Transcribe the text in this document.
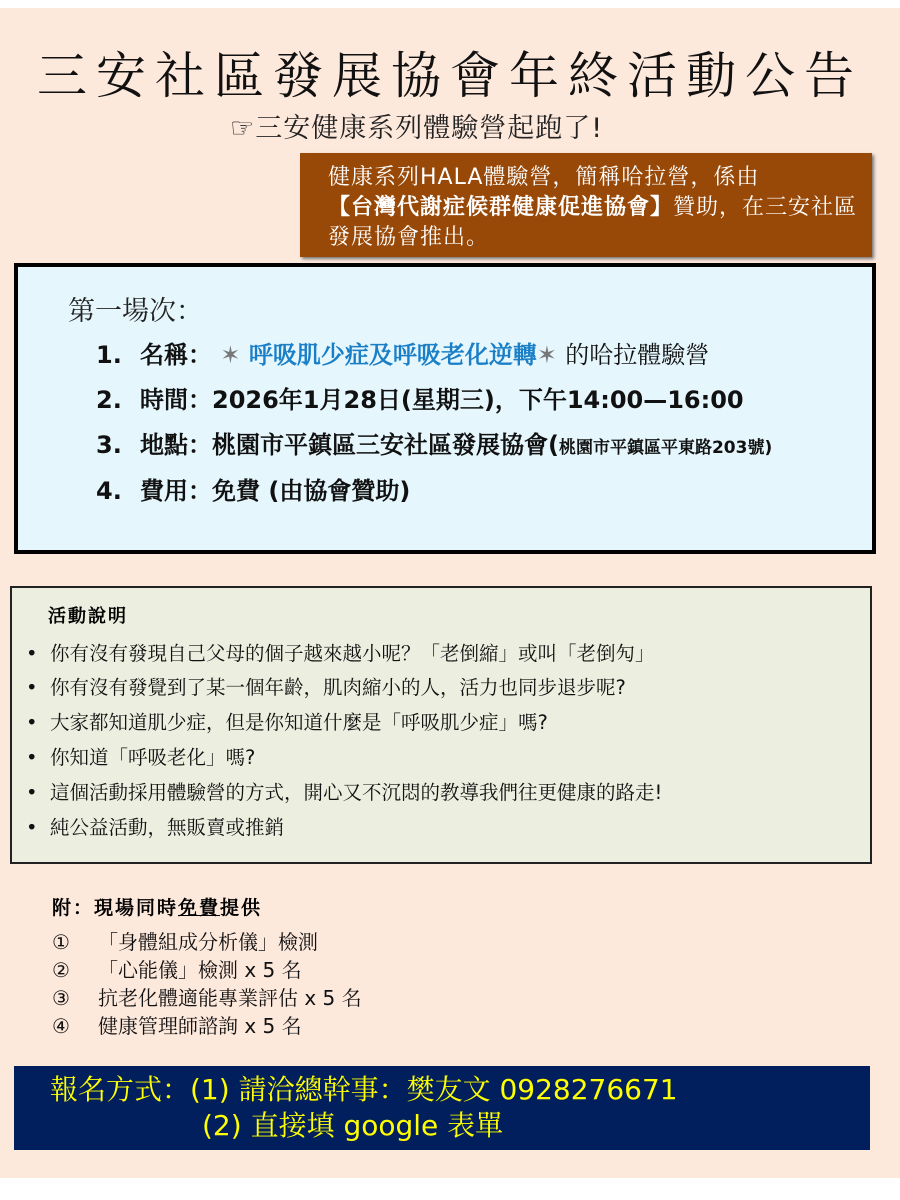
三安社區發展協會年終活動公告
☞三安健康系列體驗營起跑了!
健康系列HALA體驗營，簡稱哈拉營，係由
【台灣代謝症候群健康促進協會】贊助，在三安社區發展協會推出。
第一場次：
1. 名稱： ✶ 呼吸肌少症及呼吸老化逆轉✶ 的哈拉體驗營
2. 時間：2026年1月28日(星期三)，下午14:00—16:00
3. 地點：桃園市平鎮區三安社區發展協會(桃園市平鎮區平東路203號)
4. 費用：免費 (由協會贊助)
活動說明
• 你有沒有發現自己父母的個子越來越小呢？「老倒縮」或叫「老倒勼」
• 你有沒有發覺到了某一個年齡，肌肉縮小的人，活力也同步退步呢?
• 大家都知道肌少症，但是你知道什麼是「呼吸肌少症」嗎?
• 你知道「呼吸老化」嗎?
• 這個活動採用體驗營的方式，開心又不沉悶的教導我們往更健康的路走!
• 純公益活動，無販賣或推銷
附：現場同時免費提供
① 「身體組成分析儀」檢測
② 「心能儀」檢測 x 5 名
③ 抗老化體適能專業評估 x 5 名
④ 健康管理師諮詢 x 5 名
報名方式：(1) 請洽總幹事：樊友文 0928276671
(2) 直接填 google 表單
